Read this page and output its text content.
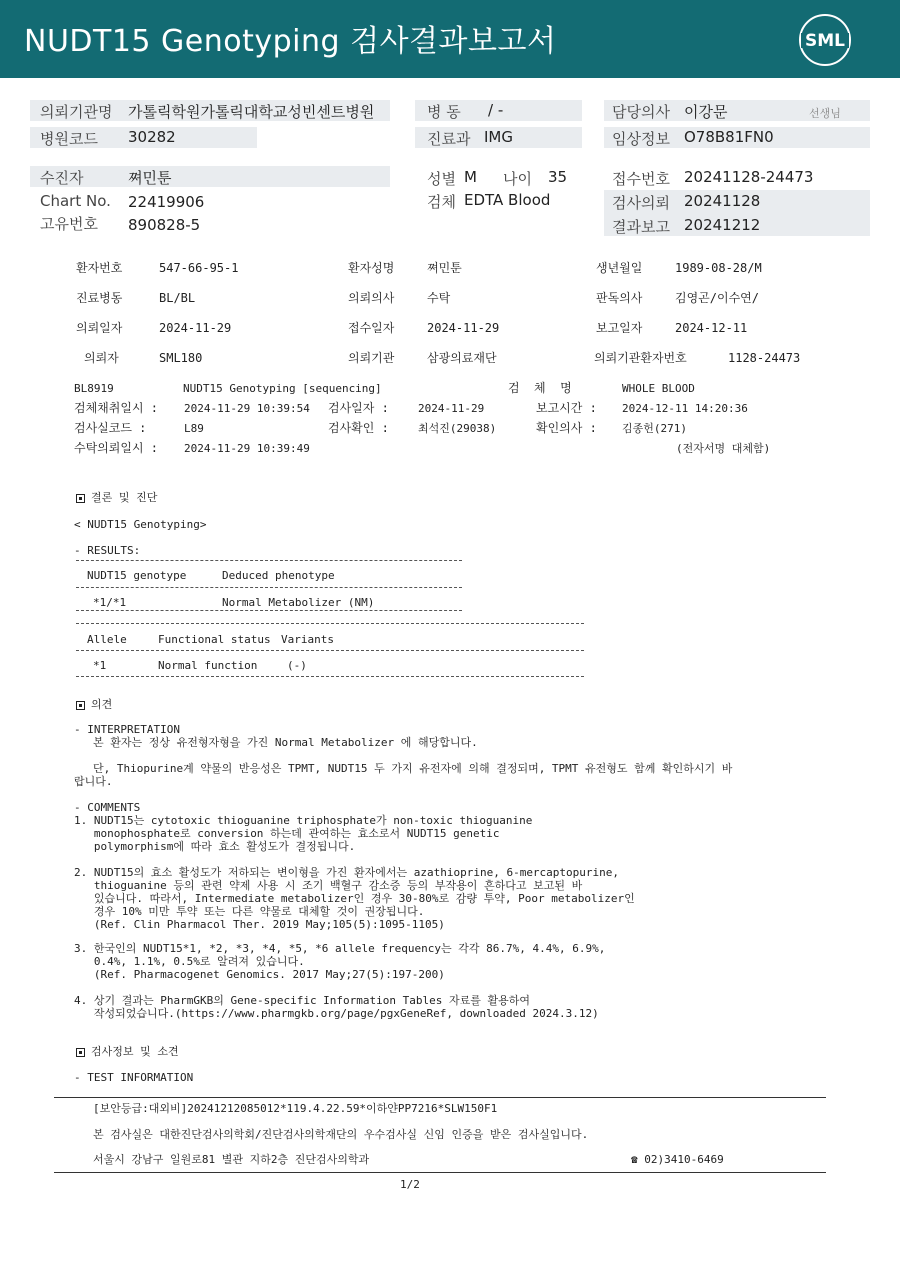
NUDT15 Genotyping 검사결과보고서	SML
의뢰기관명 가톨릭학원가톨릭대학교성빈센트병원	병 동 / -	담당의사 이강문	선생님
병원코드 30282	진료과 IMG	임상정보 O78B81FN0
수진자	쪄민툰	성별 M 나이 35	접수번호 20241128-24473
Chart No. 22419906	검체 EDTA Blood	검사의뢰 20241128
고유번호 890828-5	결과보고 20241212
환자번호	547-66-95-1	환자성명	쪄민툰	생년월일	1989-08-28/M
진료병동	BL/BL	의뢰의사	수탁	판독의사	김영곤/이수연/
의뢰일자	2024-11-29	접수일자	2024-11-29	보고일자	2024-12-11
의뢰자	SML180	의뢰기관	삼광의료재단	의뢰기관환자번호	1128-24473
BL8919	NUDT15 Genotyping [sequencing]	검  체  명	WHOLE BLOOD
검체채취일시 : 2024-11-29 10:39:54 검사일자 :	2024-11-29	보고시간 : 2024-12-11 14:20:36
검사실코드 :	L89	검사확인 :	최석진(29038)	확인의사 : 김종헌(271)
수탁의뢰일시 : 2024-11-29 10:39:49	(전자서명 대체함)
결론 및 진단
< NUDT15 Genotyping>
- RESULTS:
NUDT15 genotype	Deduced phenotype
*1/*1	Normal Metabolizer (NM)
Allele	Functional status Variants
*1	Normal function	(-)
의견
- INTERPRETATION
본 환자는 정상 유전형자형을 가진 Normal Metabolizer 에 해당합니다.
단, Thiopurine계 약물의 반응성은 TPMT, NUDT15 두 가지 유전자에 의해 결정되며, TPMT 유전형도 함께 확인하시기 바
랍니다.
- COMMENTS
1. NUDT15는 cytotoxic thioguanine triphosphate가 non-toxic thioguanine
monophosphate로 conversion 하는데 관여하는 효소로서 NUDT15 genetic
polymorphism에 따라 효소 활성도가 결정됩니다.
2. NUDT15의 효소 활성도가 저하되는 변이형을 가진 환자에서는 azathioprine, 6-mercaptopurine,
thioguanine 등의 관련 약제 사용 시 조기 백혈구 감소증 등의 부작용이 흔하다고 보고된 바
있습니다. 따라서, Intermediate metabolizer인 경우 30-80%로 감량 투약, Poor metabolizer인
경우 10% 미만 투약 또는 다른 약물로 대체할 것이 권장됩니다.
(Ref. Clin Pharmacol Ther. 2019 May;105(5):1095-1105)
3. 한국인의 NUDT15*1, *2, *3, *4, *5, *6 allele frequency는 각각 86.7%, 4.4%, 6.9%,
0.4%, 1.1%, 0.5%로 알려져 있습니다.
(Ref. Pharmacogenet Genomics. 2017 May;27(5):197-200)
4. 상기 결과는 PharmGKB의 Gene-specific Information Tables 자료를 활용하여
작성되었습니다.(https://www.pharmgkb.org/page/pgxGeneRef, downloaded 2024.3.12)
검사정보 및 소견
- TEST INFORMATION
[보안등급:대외비]20241212085012*119.4.22.59*이하얀PP7216*SLW150F1
본 검사실은 대한진단검사의학회/진단검사의학재단의 우수검사실 신임 인증을 받은 검사실입니다.
서울시 강남구 일원로81 별관 지하2층 진단검사의학과	☎ 02)3410-6469
1/2
